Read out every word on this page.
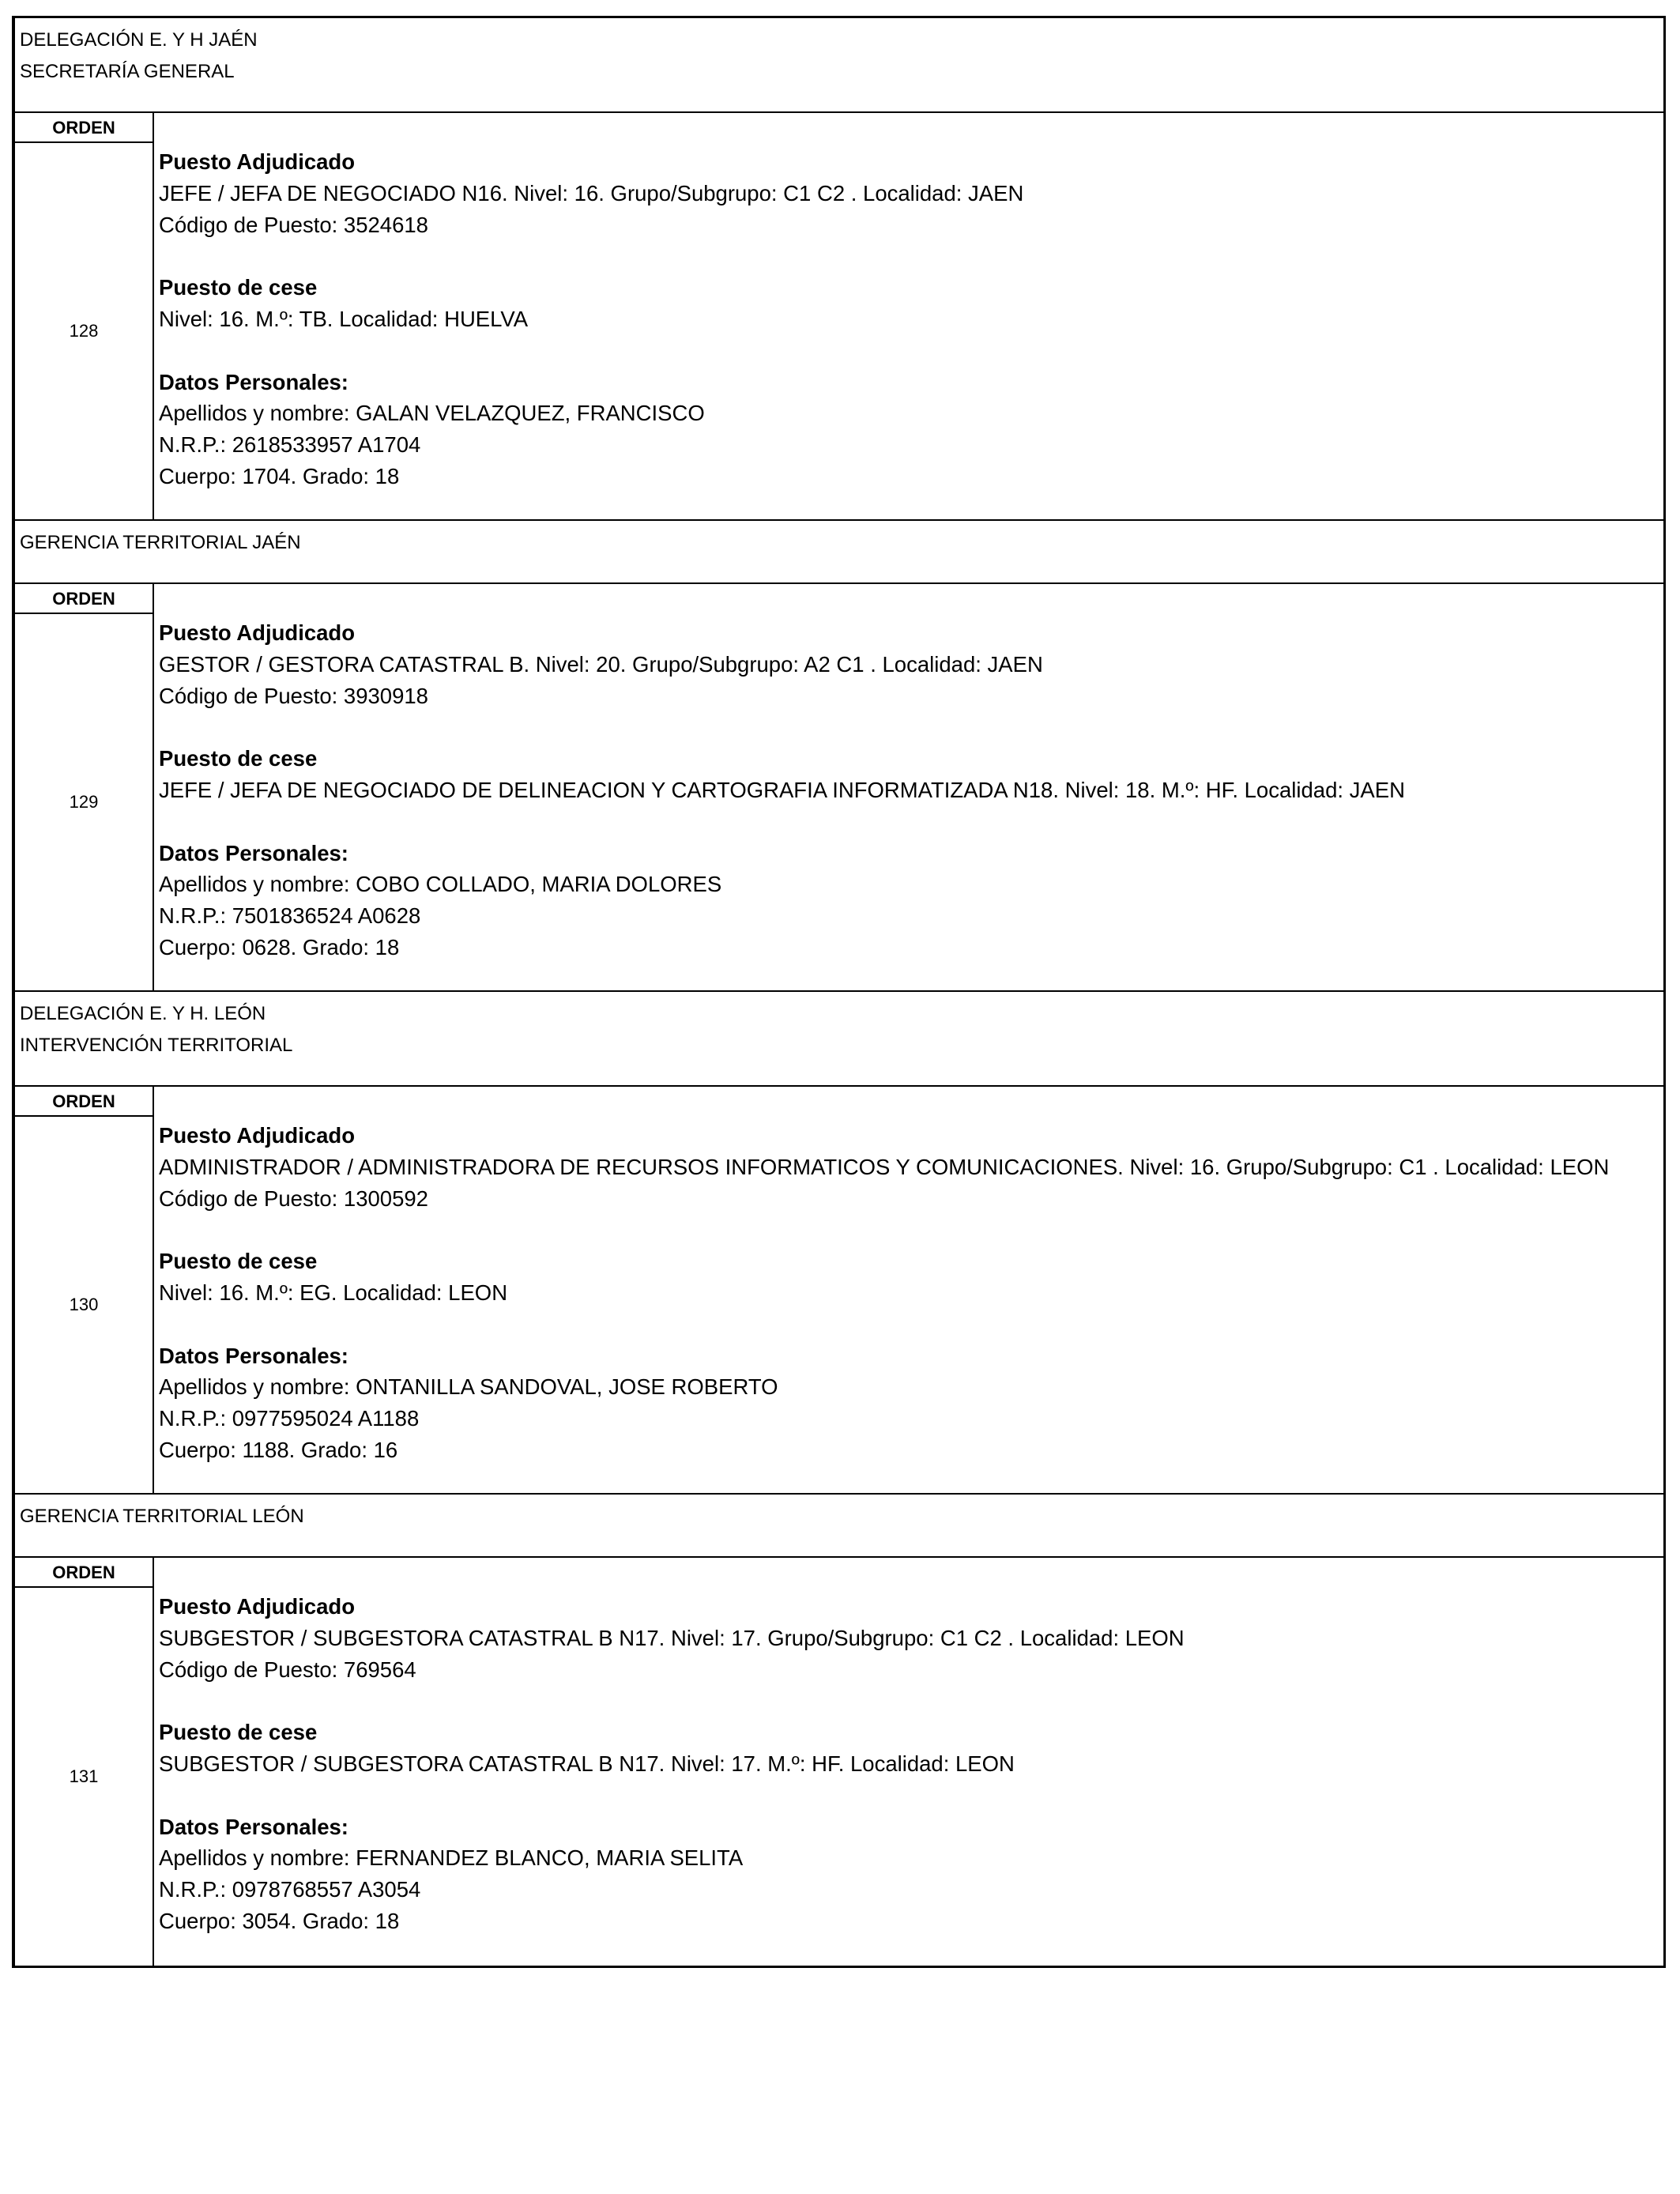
DELEGACIÓN E. Y H JAÉN
SECRETARÍA GENERAL
ORDEN
128
Puesto Adjudicado
JEFE / JEFA DE NEGOCIADO N16. Nivel: 16. Grupo/Subgrupo: C1 C2 . Localidad: JAEN
Código de Puesto: 3524618
Puesto de cese
Nivel: 16. M.º: TB. Localidad: HUELVA
Datos Personales:
Apellidos y nombre: GALAN VELAZQUEZ, FRANCISCO
N.R.P.: 2618533957 A1704
Cuerpo: 1704. Grado: 18
GERENCIA TERRITORIAL JAÉN
ORDEN
129
Puesto Adjudicado
GESTOR / GESTORA CATASTRAL B. Nivel: 20. Grupo/Subgrupo: A2 C1 . Localidad: JAEN
Código de Puesto: 3930918
Puesto de cese
JEFE / JEFA DE NEGOCIADO DE DELINEACION Y CARTOGRAFIA INFORMATIZADA N18. Nivel: 18. M.º: HF. Localidad: JAEN
Datos Personales:
Apellidos y nombre: COBO COLLADO, MARIA DOLORES
N.R.P.: 7501836524 A0628
Cuerpo: 0628. Grado: 18
DELEGACIÓN E. Y H. LEÓN
INTERVENCIÓN TERRITORIAL
ORDEN
130
Puesto Adjudicado
ADMINISTRADOR / ADMINISTRADORA DE RECURSOS INFORMATICOS Y COMUNICACIONES. Nivel: 16. Grupo/Subgrupo: C1 . Localidad: LEON
Código de Puesto: 1300592
Puesto de cese
Nivel: 16. M.º: EG. Localidad: LEON
Datos Personales:
Apellidos y nombre: ONTANILLA SANDOVAL, JOSE ROBERTO
N.R.P.: 0977595024 A1188
Cuerpo: 1188. Grado: 16
GERENCIA TERRITORIAL LEÓN
ORDEN
131
Puesto Adjudicado
SUBGESTOR / SUBGESTORA CATASTRAL B N17. Nivel: 17. Grupo/Subgrupo: C1 C2 . Localidad: LEON
Código de Puesto: 769564
Puesto de cese
SUBGESTOR / SUBGESTORA CATASTRAL B N17. Nivel: 17. M.º: HF. Localidad: LEON
Datos Personales:
Apellidos y nombre: FERNANDEZ BLANCO, MARIA SELITA
N.R.P.: 0978768557 A3054
Cuerpo: 3054. Grado: 18
